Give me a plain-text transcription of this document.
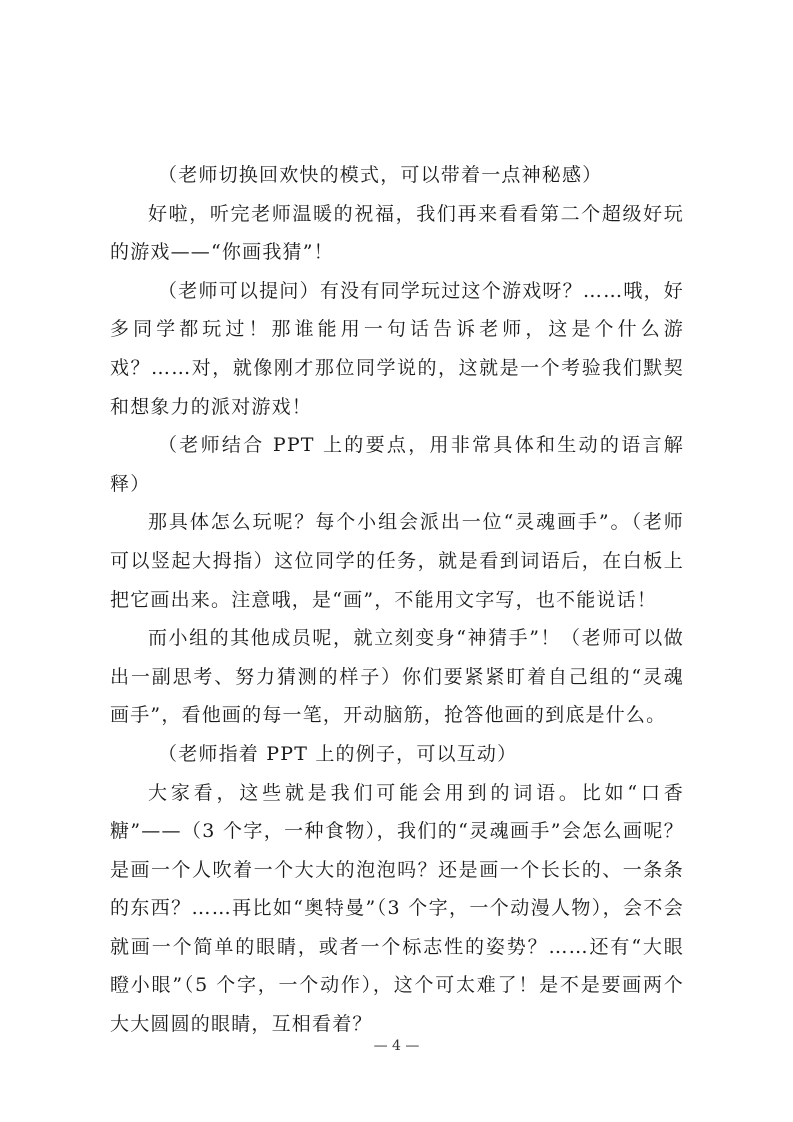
（老师切换回欢快的模式，可以带着一点神秘感）

好啦，听完老师温暖的祝福，我们再来看看第二个超级好玩的游戏——“你画我猜”！

（老师可以提问）有没有同学玩过这个游戏呀？……哦，好多同学都玩过！那谁能用一句话告诉老师，这是个什么游戏？……对，就像刚才那位同学说的，这就是一个考验我们默契和想象力的派对游戏！

（老师结合 PPT 上的要点，用非常具体和生动的语言解释）

那具体怎么玩呢？每个小组会派出一位“灵魂画手”。（老师可以竖起大拇指）这位同学的任务，就是看到词语后，在白板上把它画出来。注意哦，是“画”，不能用文字写，也不能说话！

而小组的其他成员呢，就立刻变身“神猜手”！（老师可以做出一副思考、努力猜测的样子）你们要紧紧盯着自己组的“灵魂画手”，看他画的每一笔，开动脑筋，抢答他画的到底是什么。

（老师指着 PPT 上的例子，可以互动）

大家看，这些就是我们可能会用到的词语。比如“口香糖”——（3 个字，一种食物），我们的“灵魂画手”会怎么画呢？是画一个人吹着一个大大的泡泡吗？还是画一个长长的、一条条的东西？……再比如“奥特曼”（3 个字，一个动漫人物），会不会就画一个简单的眼睛，或者一个标志性的姿势？……还有“大眼瞪小眼”（5 个字，一个动作），这个可太难了！是不是要画两个大大圆圆的眼睛，互相看着？

— 4 —
